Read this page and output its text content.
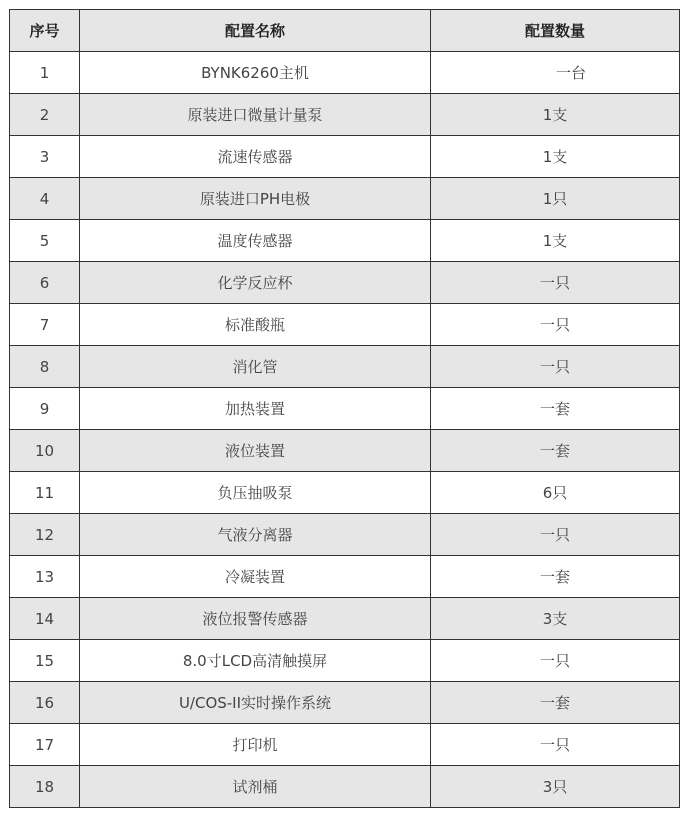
序号	配置名称	配置数量
1	BYNK6260主机	一台
2	原装进口微量计量泵	1支
3	流速传感器	1支
4	原装进口PH电极	1只
5	温度传感器	1支
6	化学反应杯	一只
7	标准酸瓶	一只
8	消化管	一只
9	加热装置	一套
10	液位装置	一套
11	负压抽吸泵	6只
12	气液分离器	一只
13	冷凝装置	一套
14	液位报警传感器	3支
15	8.0寸LCD高清触摸屏	一只
16	U/COS-II实时操作系统	一套
17	打印机	一只
18	试剂桶	3只
